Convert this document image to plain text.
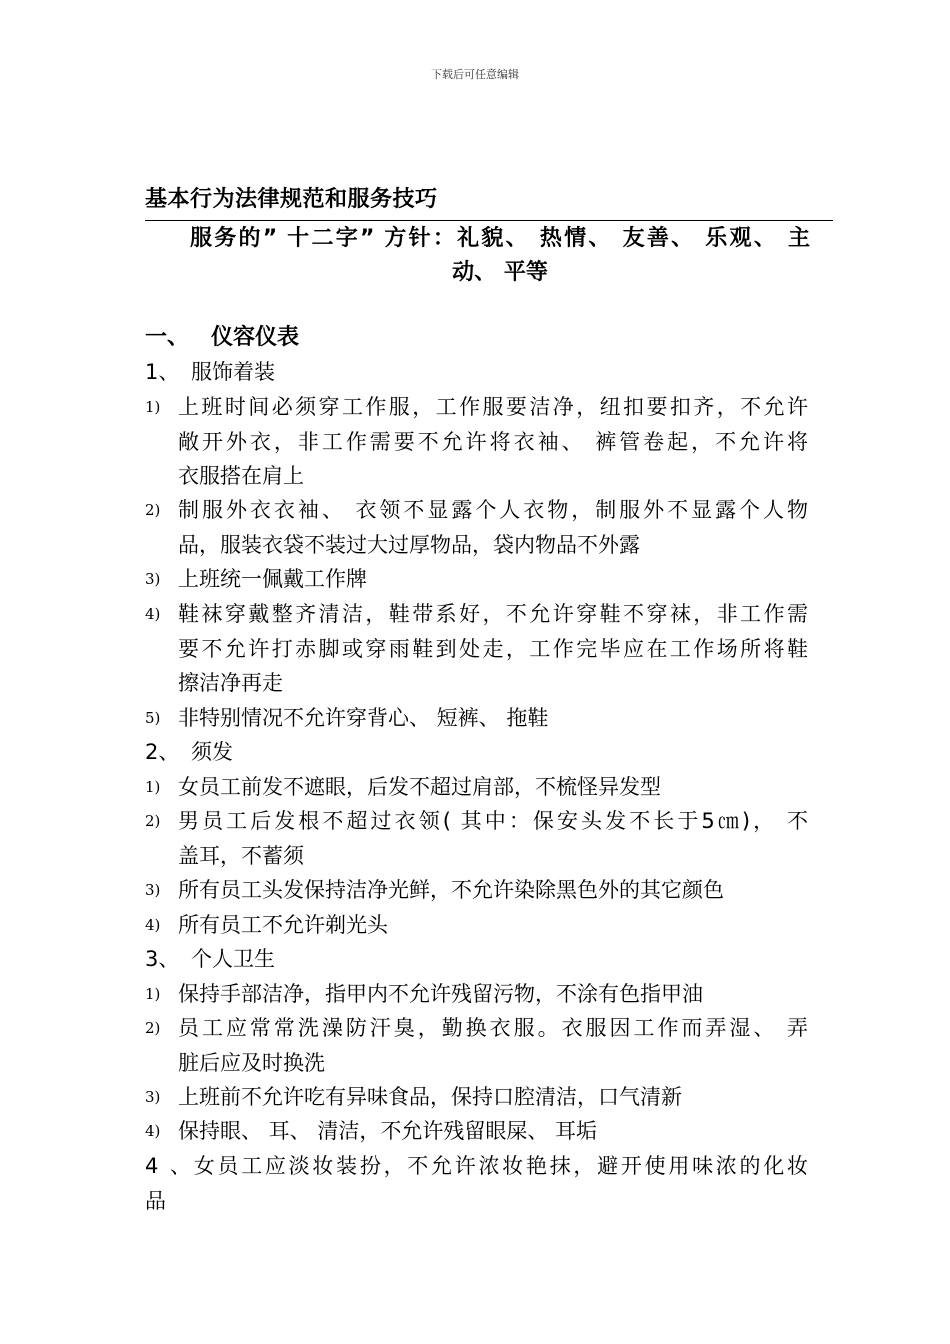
下载后可任意编辑
基本行为法律规范和服务技巧
服务的” 十二字” 方针：礼貌、 热情、 友善、 乐观、 主
动、 平等
一、 仪容仪表
1、 服饰着装
1) 上班时间必须穿工作服，工作服要洁净，纽扣要扣齐，不允许
敞开外衣，非工作需要不允许将衣袖、 裤管卷起，不允许将
衣服搭在肩上
2) 制服外衣衣袖、 衣领不显露个人衣物，制服外不显露个人物
品，服装衣袋不装过大过厚物品，袋内物品不外露
3) 上班统一佩戴工作牌
4) 鞋袜穿戴整齐清洁，鞋带系好，不允许穿鞋不穿袜，非工作需
要不允许打赤脚或穿雨鞋到处走，工作完毕应在工作场所将鞋
擦洁净再走
5) 非特别情况不允许穿背心、 短裤、 拖鞋
2、 须发
1) 女员工前发不遮眼，后发不超过肩部，不梳怪异发型
2) 男员工后发根不超过衣领( 其中：保安头发不长于5㎝)， 不
盖耳，不蓄须
3) 所有员工头发保持洁净光鲜，不允许染除黑色外的其它颜色
4) 所有员工不允许剃光头
3、 个人卫生
1) 保持手部洁净，指甲内不允许残留污物，不涂有色指甲油
2) 员工应常常洗澡防汗臭，勤换衣服。衣服因工作而弄湿、 弄
脏后应及时换洗
3) 上班前不允许吃有异味食品，保持口腔清洁，口气清新
4) 保持眼、 耳、 清洁，不允许残留眼屎、 耳垢
4、女员工应淡妆装扮，不允许浓妆艳抹，避开使用味浓的化妆
品
